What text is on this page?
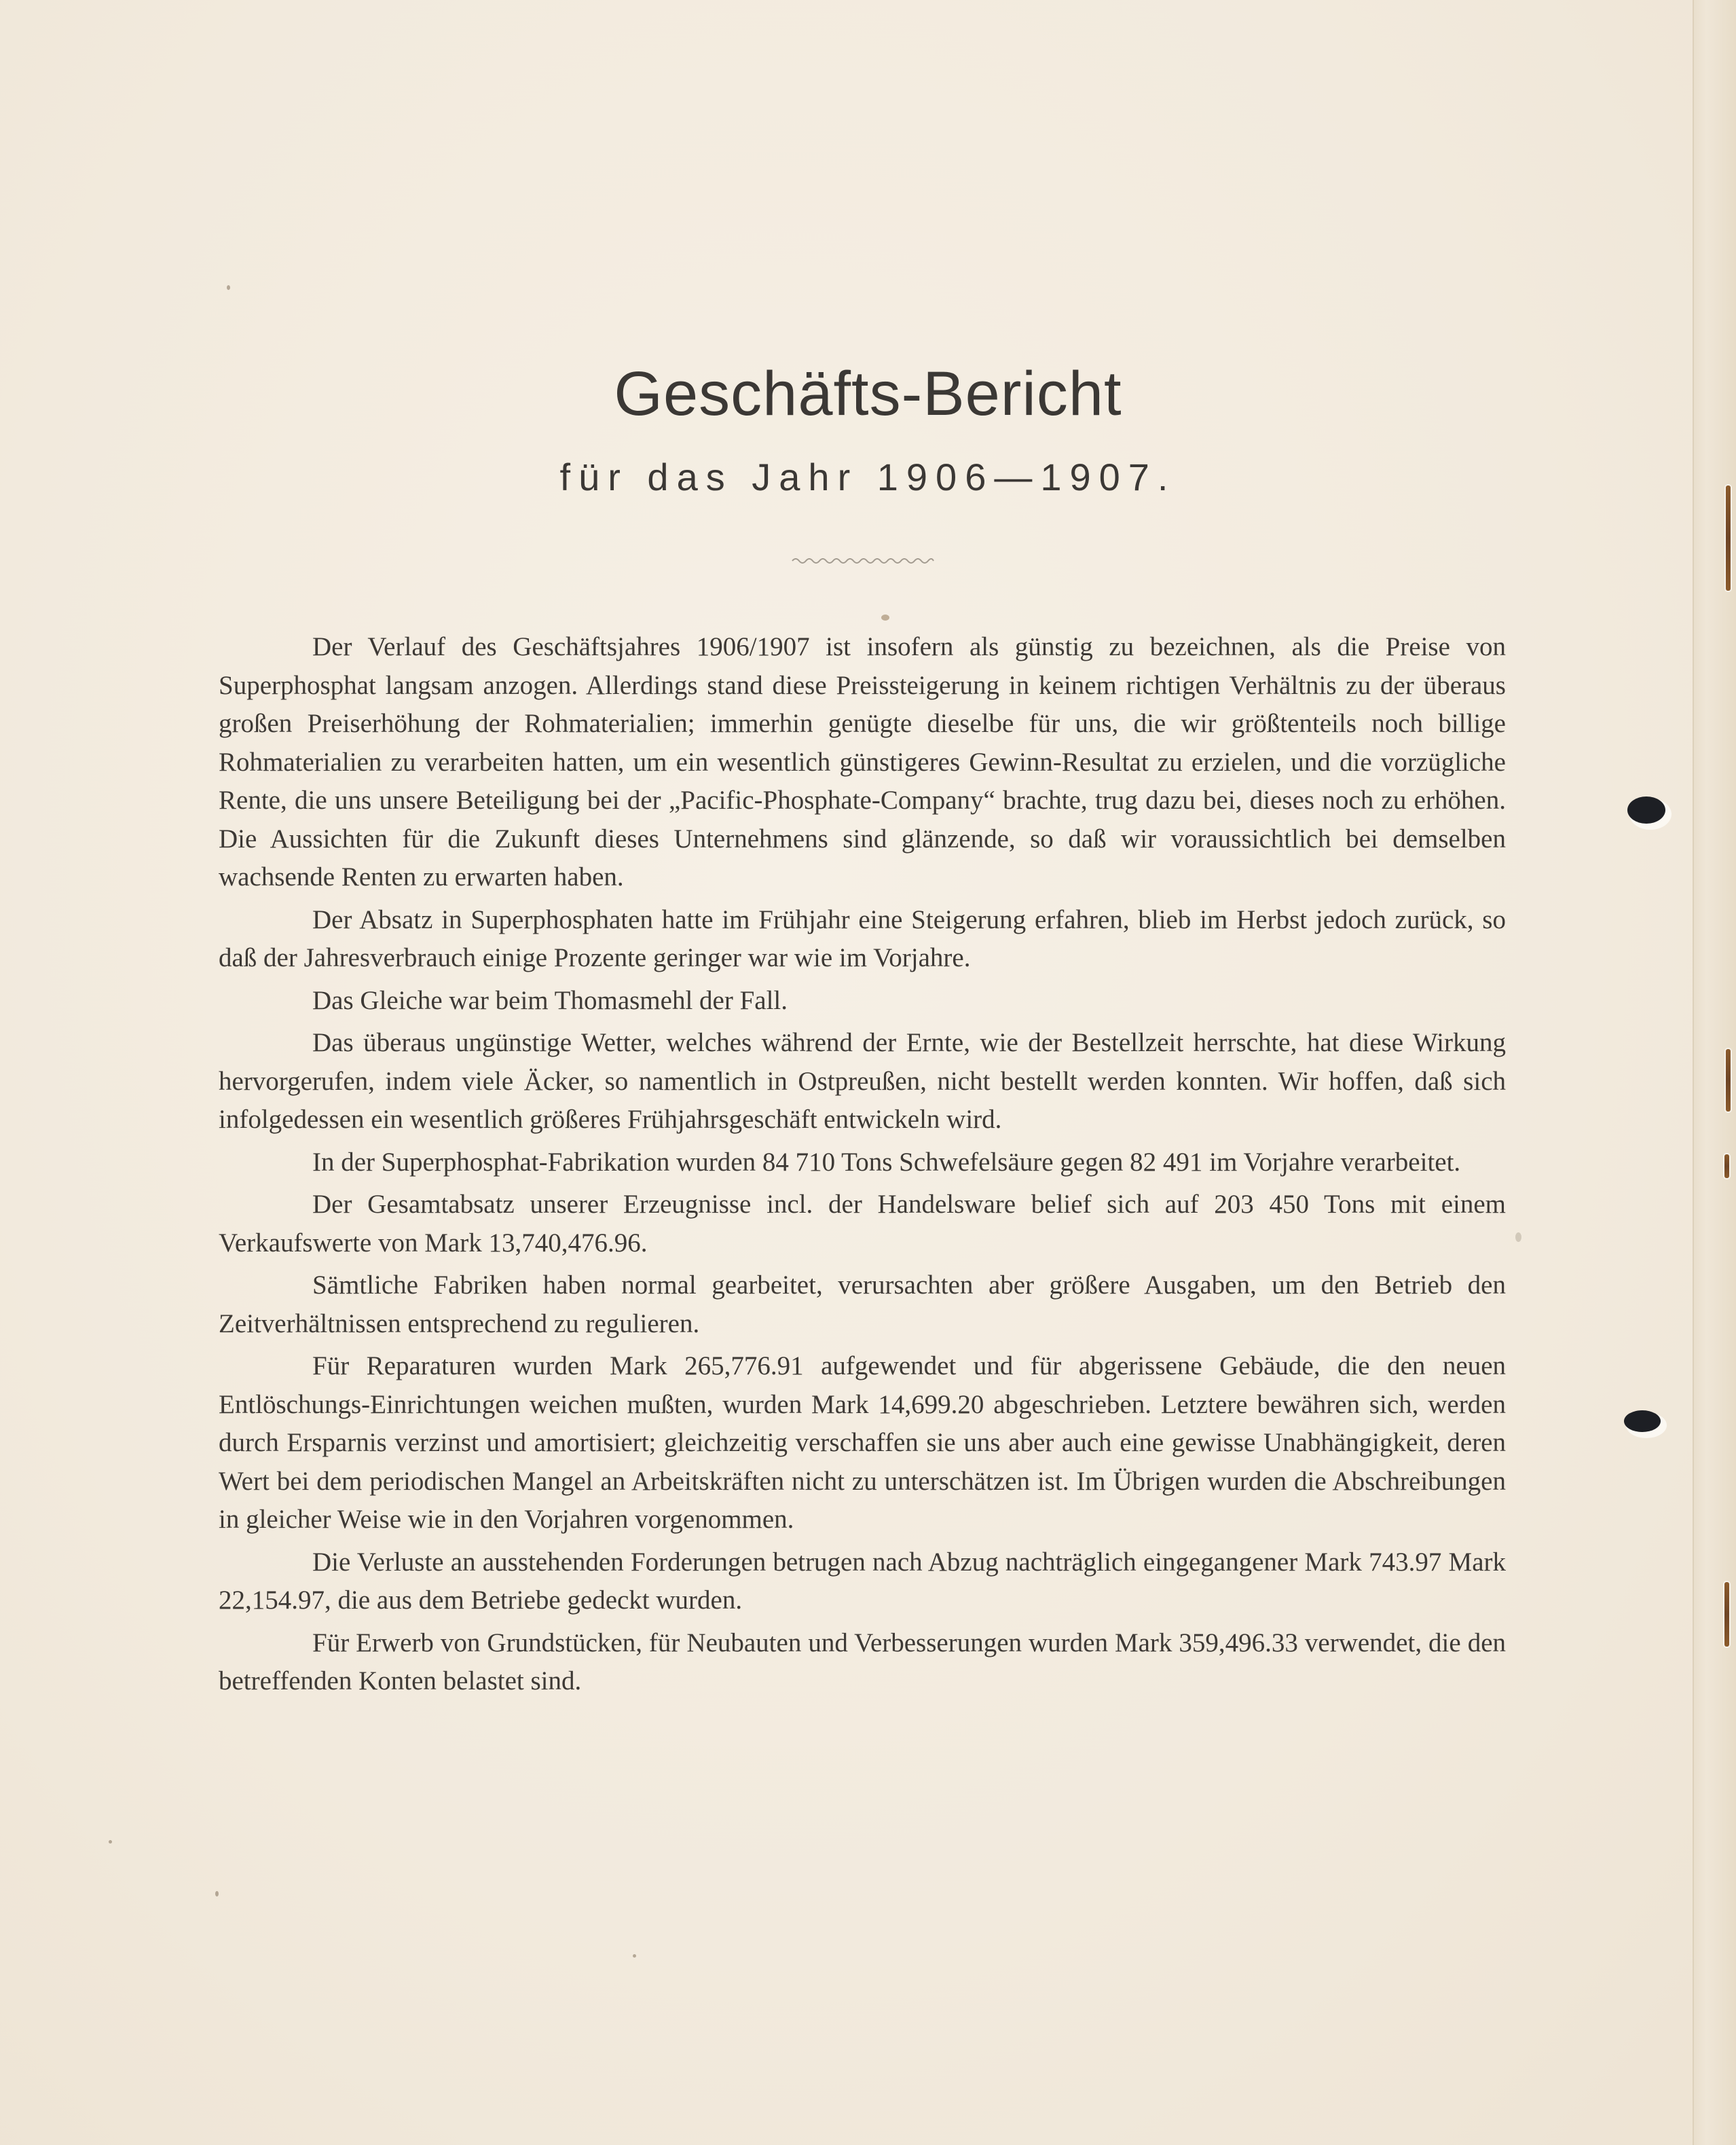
Geschäfts-Bericht
für das Jahr 1906—1907.

Der Verlauf des Geschäftsjahres 1906/1907 ist insofern als günstig zu bezeichnen, als die Preise von Superphosphat langsam anzogen. Allerdings stand diese Preissteigerung in keinem richtigen Verhältnis zu der überaus großen Preiserhöhung der Rohmaterialien; immerhin genügte dieselbe für uns, die wir größtenteils noch billige Rohmaterialien zu verarbeiten hatten, um ein wesentlich günstigeres Gewinn-Resultat zu erzielen, und die vorzügliche Rente, die uns unsere Beteiligung bei der „Pacific-Phosphate-Company“ brachte, trug dazu bei, dieses noch zu erhöhen. Die Aussichten für die Zukunft dieses Unternehmens sind glänzende, so daß wir voraussichtlich bei demselben wachsende Renten zu erwarten haben.

Der Absatz in Superphosphaten hatte im Frühjahr eine Steigerung erfahren, blieb im Herbst jedoch zurück, so daß der Jahresverbrauch einige Prozente geringer war wie im Vorjahre.

Das Gleiche war beim Thomasmehl der Fall.

Das überaus ungünstige Wetter, welches während der Ernte, wie der Bestellzeit herrschte, hat diese Wirkung hervorgerufen, indem viele Äcker, so namentlich in Ostpreußen, nicht bestellt werden konnten. Wir hoffen, daß sich infolgedessen ein wesentlich größeres Frühjahrsgeschäft entwickeln wird.

In der Superphosphat-Fabrikation wurden 84 710 Tons Schwefelsäure gegen 82 491 im Vorjahre verarbeitet.

Der Gesamtabsatz unserer Erzeugnisse incl. der Handelsware belief sich auf 203 450 Tons mit einem Verkaufswerte von Mark 13,740,476.96.

Sämtliche Fabriken haben normal gearbeitet, verursachten aber größere Ausgaben, um den Betrieb den Zeitverhältnissen entsprechend zu regulieren.

Für Reparaturen wurden Mark 265,776.91 aufgewendet und für abgerissene Gebäude, die den neuen Entlöschungs-Einrichtungen weichen mußten, wurden Mark 14,699.20 abgeschrieben. Letztere bewähren sich, werden durch Ersparnis verzinst und amortisiert; gleichzeitig verschaffen sie uns aber auch eine gewisse Unabhängigkeit, deren Wert bei dem periodischen Mangel an Arbeitskräften nicht zu unterschätzen ist. Im Übrigen wurden die Abschreibungen in gleicher Weise wie in den Vorjahren vorgenommen.

Die Verluste an ausstehenden Forderungen betrugen nach Abzug nachträglich eingegangener Mark 743.97 Mark 22,154.97, die aus dem Betriebe gedeckt wurden.

Für Erwerb von Grundstücken, für Neubauten und Verbesserungen wurden Mark 359,496.33 verwendet, die den betreffenden Konten belastet sind.
